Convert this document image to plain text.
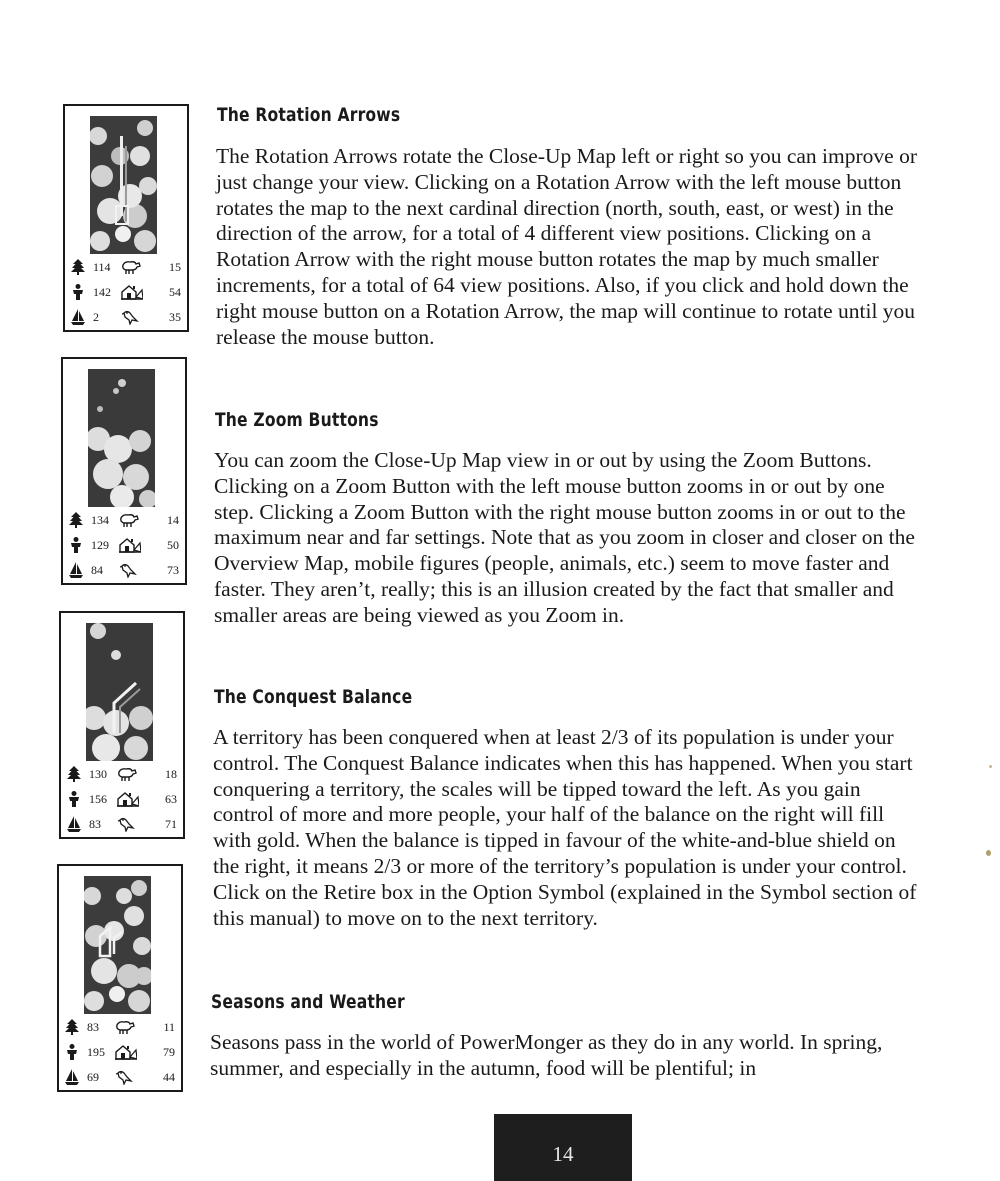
114	15
142	54
2	35
134	14
129	50
84	73
130	18
156	63
83	71
83	11
195	79
69	44
The Rotation Arrows

The Rotation Arrows rotate the Close-Up Map left or right so you can improve or just change your view. Clicking on a Rotation Arrow with the left mouse button rotates the map to the next cardinal direction (north, south, east, or west) in the direction of the arrow, for a total of 4 different view positions. Clicking on a Rotation Arrow with the right mouse button rotates the map by much smaller increments, for a total of 64 view positions. Also, if you click and hold down the right mouse button on a Rotation Arrow, the map will continue to rotate until you release the mouse button.

The Zoom Buttons

You can zoom the Close-Up Map view in or out by using the Zoom Buttons. Clicking on a Zoom Button with the left mouse button zooms in or out by one step. Clicking a Zoom Button with the right mouse button zooms in or out to the maximum near and far settings. Note that as you zoom in closer and closer on the Overview Map, mobile figures (people, animals, etc.) seem to move faster and faster. They aren’t, really; this is an illusion created by the fact that smaller and smaller areas are being viewed as you Zoom in.

The Conquest Balance

A territory has been conquered when at least 2/3 of its population is under your control. The Conquest Balance indicates when this has happened. When you start conquering a territory, the scales will be tipped toward the left. As you gain control of more and more people, your half of the balance on the right will fill with gold. When the balance is tipped in favour of the white-and-blue shield on the right, it means 2/3 or more of the territory’s population is under your control. Click on the Retire box in the Option Symbol (explained in the Symbol section of this manual) to move on to the next territory.

Seasons and Weather

Seasons pass in the world of PowerMonger as they do in any world. In spring, summer, and especially in the autumn, food will be plentiful; in

14
